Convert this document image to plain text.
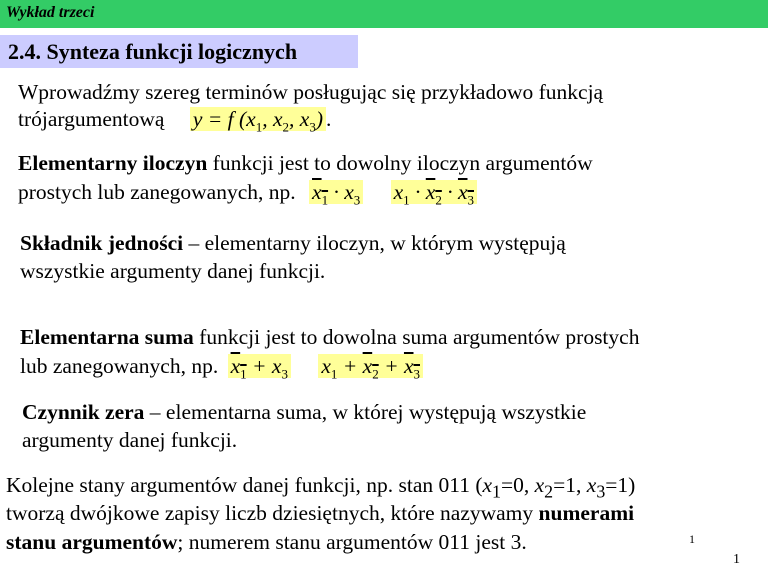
Wykład trzeci
2.4. Synteza funkcji logicznych
Wprowadźmy szereg terminów posługując się przykładowo funkcją
trójargumentową y = f ($x_1$, $x_2$, $x_3$) .
Elementarny iloczyn funkcji jest to dowolny iloczyn argumentów
prostych lub zanegowanych, np. $x_1 \cdot x_3$ $x_1 \cdot x_2 \cdot x_3$
Składnik jedności – elementarny iloczyn, w którym występują
wszystkie argumenty danej funkcji.
Elementarna suma funkcji jest to dowolna suma argumentów prostych
lub zanegowanych, np. $x_1 + x_3$ $x_1 + x_2 + x_3$
Czynnik zera – elementarna suma, w której występują wszystkie
argumenty danej funkcji.
Kolejne stany argumentów danej funkcji, np. stan 011 ($x_1=0$, $x_2=1$, $x_3=1$)
tworzą dwójkowe zapisy liczb dziesiętnych, które nazywamy numerami
stanu argumentów; numerem stanu argumentów 011 jest 3.	1
1
